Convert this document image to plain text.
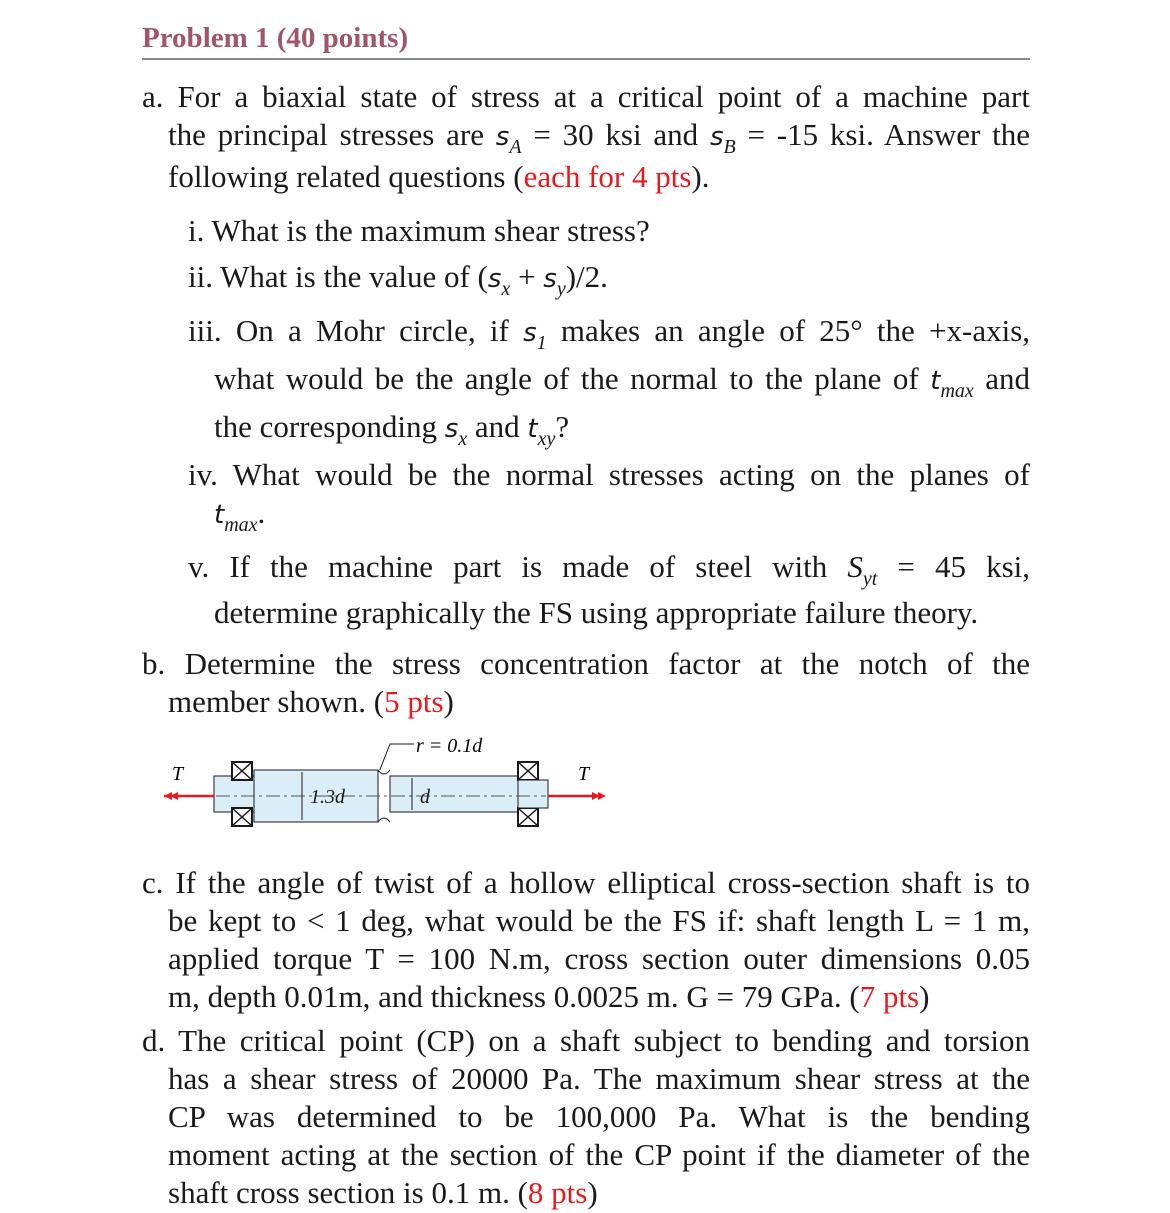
Problem 1 (40 points)
a. For a biaxial state of stress at a critical point of a machine part
the principal stresses are $s_A = 30$ ksi and $s_B = -15$ ksi. Answer the
following related questions (each for 4 pts).
i. What is the maximum shear stress?
ii. What is the value of $(s_x + s_y)/2$.
iii. On a Mohr circle, if $s_1$ makes an angle of 25° the +x-axis,
what would be the angle of the normal to the plane of $t_{max}$ and
the corresponding $s_x$ and $t_{xy}$?
iv. What would be the normal stresses acting on the planes of
$t_{max}$.
v. If the machine part is made of steel with $S_{yt} = 45$ ksi,
determine graphically the FS using appropriate failure theory.
b. Determine the stress concentration factor at the notch of the
member shown. (5 pts)
r = 0.1d
T	T
1.3d	d
c. If the angle of twist of a hollow elliptical cross-section shaft is to
be kept to < 1 deg, what would be the FS if: shaft length L = 1 m,
applied torque T = 100 N.m, cross section outer dimensions 0.05
m, depth 0.01m, and thickness 0.0025 m. G = 79 GPa. (7 pts)
d. The critical point (CP) on a shaft subject to bending and torsion
has a shear stress of 20000 Pa. The maximum shear stress at the
CP was determined to be 100,000 Pa. What is the bending
moment acting at the section of the CP point if the diameter of the
shaft cross section is 0.1 m. (8 pts)
